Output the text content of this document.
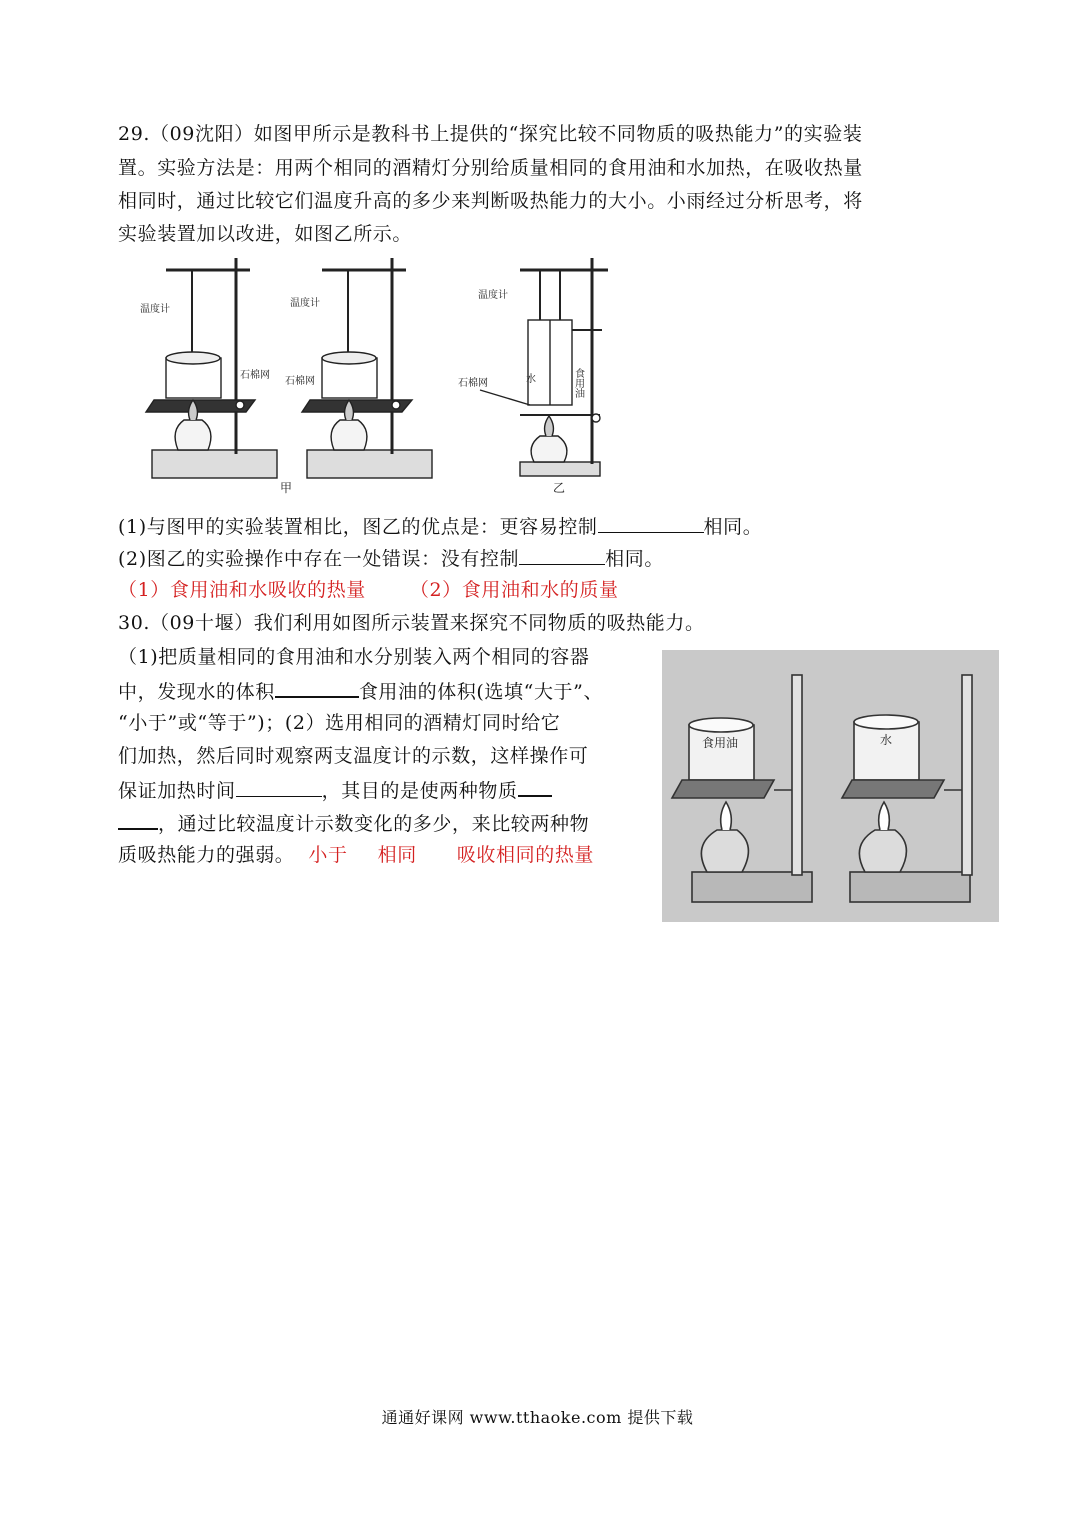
29.（09沈阳）如图甲所示是教科书上提供的“探究比较不同物质的吸热能力”的实验装
置。实验方法是：用两个相同的酒精灯分别给质量相同的食用油和水加热，在吸收热量
相同时，通过比较它们温度升高的多少来判断吸热能力的大小。小雨经过分析思考，将
实验装置加以改进，如图乙所示。
温度计
石棉网
温度计
石棉网
温度计
石棉网	水	食用油
甲	乙
(1)与图甲的实验装置相比，图乙的优点是：更容易控制	相同。
(2)图乙的实验操作中存在一处错误：没有控制	相同。
（1）食用油和水吸收的热量 （2）食用油和水的质量
30.（09十堰）我们利用如图所示装置来探究不同物质的吸热能力。
（1)把质量相同的食用油和水分别装入两个相同的容器
中，发现水的体积	食用油的体积(选填“大于”、
“小于”或“等于”)；(2）选用相同的酒精灯同时给它
们加热，然后同时观察两支温度计的示数，这样操作可
保证加热时间	，其目的是使两种物质
，通过比较温度计示数变化的多少，来比较两种物
质吸热能力的强弱。 小于 相同 吸收相同的热量
食用油	水
通通好课网 www.tthaoke.com 提供下载
